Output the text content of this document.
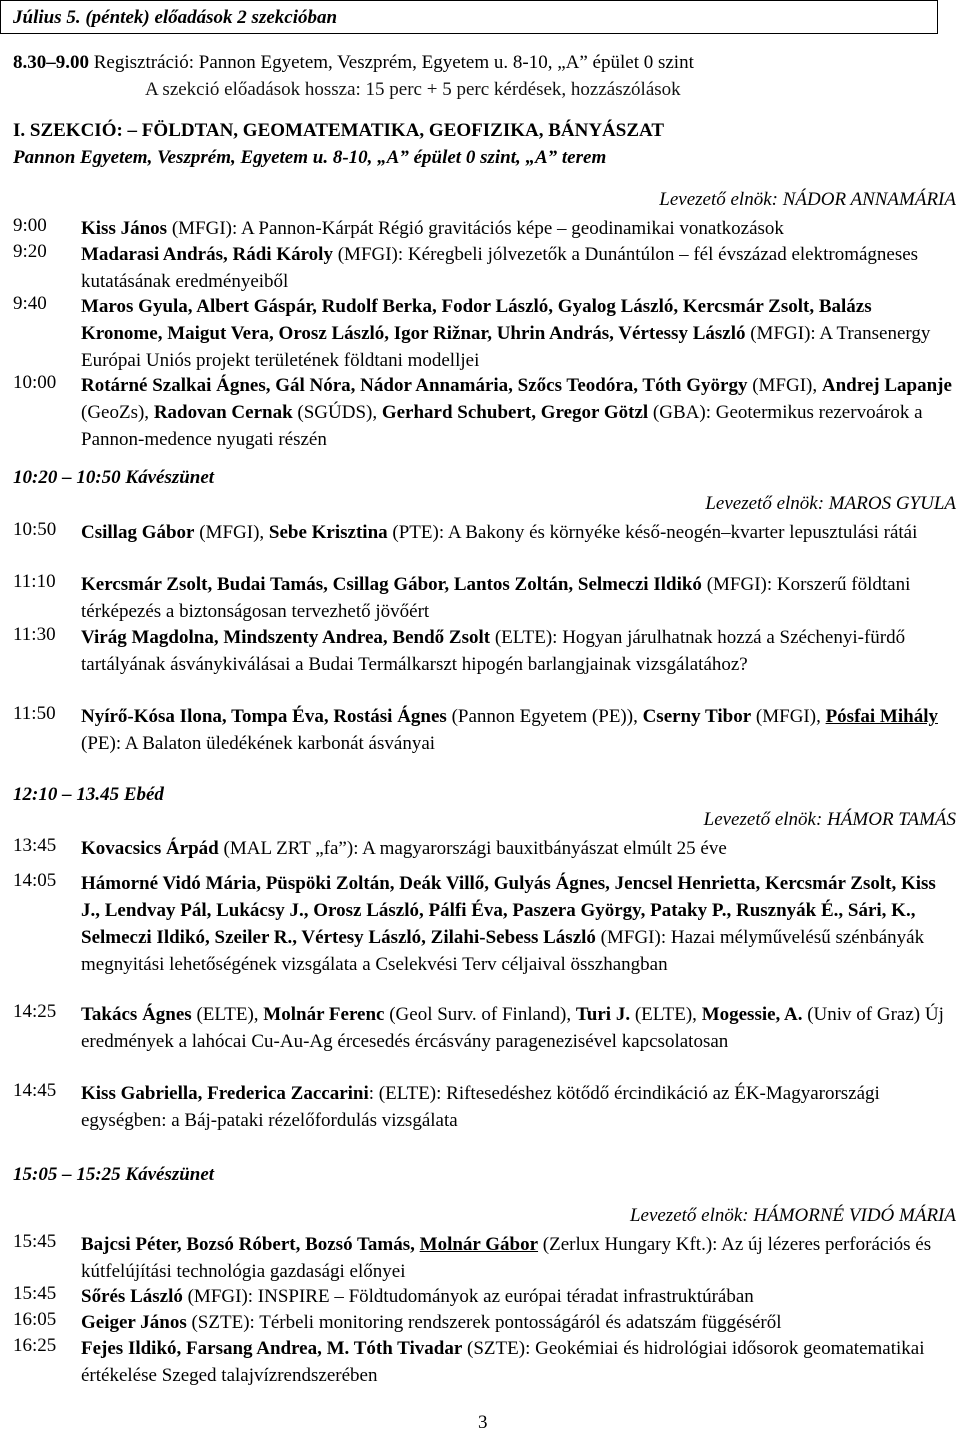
Július 5. (péntek) előadások 2 szekcióban
8.30–9.00 Regisztráció: Pannon Egyetem, Veszprém, Egyetem u. 8-10, „A” épület 0 szint
A szekció előadások hossza: 15 perc + 5 perc kérdések, hozzászólások
I. SZEKCIÓ: – FÖLDTAN, GEOMATEMATIKA, GEOFIZIKA, BÁNYÁSZAT
Pannon Egyetem, Veszprém, Egyetem u. 8-10, „A” épület 0 szint, „A” terem
Levezető elnök: NÁDOR ANNAMÁRIA
9:00 Kiss János (MFGI): A Pannon-Kárpát Régió gravitációs képe – geodinamikai vonatkozások
9:20 Madarasi András, Rádi Károly (MFGI): Kéregbeli jólvezetők a Dunántúlon – fél évszázad elektromágneses kutatásának eredményeiből
9:40 Maros Gyula, Albert Gáspár, Rudolf Berka, Fodor László, Gyalog László, Kercsmár Zsolt, Balázs Kronome, Maigut Vera, Orosz László, Igor Rižnar, Uhrin András, Vértessy László (MFGI): A Transenergy Európai Uniós projekt területének földtani modelljei
10:00 Rotárné Szalkai Ágnes, Gál Nóra, Nádor Annamária, Szőcs Teodóra, Tóth György (MFGI), Andrej Lapanje (GeoZs), Radovan Cernak (SGÚDS), Gerhard Schubert, Gregor Götzl (GBA): Geotermikus rezervoárok a Pannon-medence nyugati részén
10:20 – 10:50 Kávészünet
Levezető elnök: MAROS GYULA
10:50 Csillag Gábor (MFGI), Sebe Krisztina (PTE): A Bakony és környéke késő-neogén–kvarter lepusztulási rátái
11:10 Kercsmár Zsolt, Budai Tamás, Csillag Gábor, Lantos Zoltán, Selmeczi Ildikó (MFGI): Korszerű földtani térképezés a biztonságosan tervezhető jövőért
11:30 Virág Magdolna, Mindszenty Andrea, Bendő Zsolt (ELTE): Hogyan járulhatnak hozzá a Széchenyi-fürdő tartályának ásványkiválásai a Budai Termálkarszt hipogén barlangjainak vizsgálatához?
11:50 Nyírő-Kósa Ilona, Tompa Éva, Rostási Ágnes (Pannon Egyetem (PE)), Cserny Tibor (MFGI), Pósfai Mihály (PE): A Balaton üledékének karbonát ásványai
12:10 – 13.45 Ebéd
Levezető elnök: HÁMOR TAMÁS
13:45 Kovacsics Árpád (MAL ZRT „fa”): A magyarországi bauxitbányászat elmúlt 25 éve
14:05 Hámorné Vidó Mária, Püspöki Zoltán, Deák Villő, Gulyás Ágnes, Jencsel Henrietta, Kercsmár Zsolt, Kiss J., Lendvay Pál, Lukácsy J., Orosz László, Pálfi Éva, Paszera György, Pataky P., Rusznyák É., Sári, K., Selmeczi Ildikó, Szeiler R., Vértesy László, Zilahi-Sebess László (MFGI): Hazai mélyművelésű szénbányák megnyitási lehetőségének vizsgálata a Cselekvési Terv céljaival összhangban
14:25 Takács Ágnes (ELTE), Molnár Ferenc (Geol Surv. of Finland), Turi J. (ELTE), Mogessie, A. (Univ of Graz) Új eredmények a lahócai Cu-Au-Ag ércesedés ércásvány paragenezisével kapcsolatosan
14:45 Kiss Gabriella, Frederica Zaccarini: (ELTE): Riftesedéshez kötődő ércindikáció az ÉK-Magyarországi egységben: a Báj-pataki rézelőfordulás vizsgálata
15:05 – 15:25 Kávészünet
Levezető elnök: HÁMORNÉ VIDÓ MÁRIA
15:45 Bajcsi Péter, Bozsó Róbert, Bozsó Tamás, Molnár Gábor (Zerlux Hungary Kft.): Az új lézeres perforációs és kútfelújítási technológia gazdasági előnyei
15:45 Sőrés László (MFGI): INSPIRE – Földtudományok az európai téradat infrastruktúrában
16:05 Geiger János (SZTE): Térbeli monitoring rendszerek pontosságáról és adatszám függéséről
16:25 Fejes Ildikó, Farsang Andrea, M. Tóth Tivadar (SZTE): Geokémiai és hidrológiai idősorok geomatematikai értékelése Szeged talajvízrendszerében
3
